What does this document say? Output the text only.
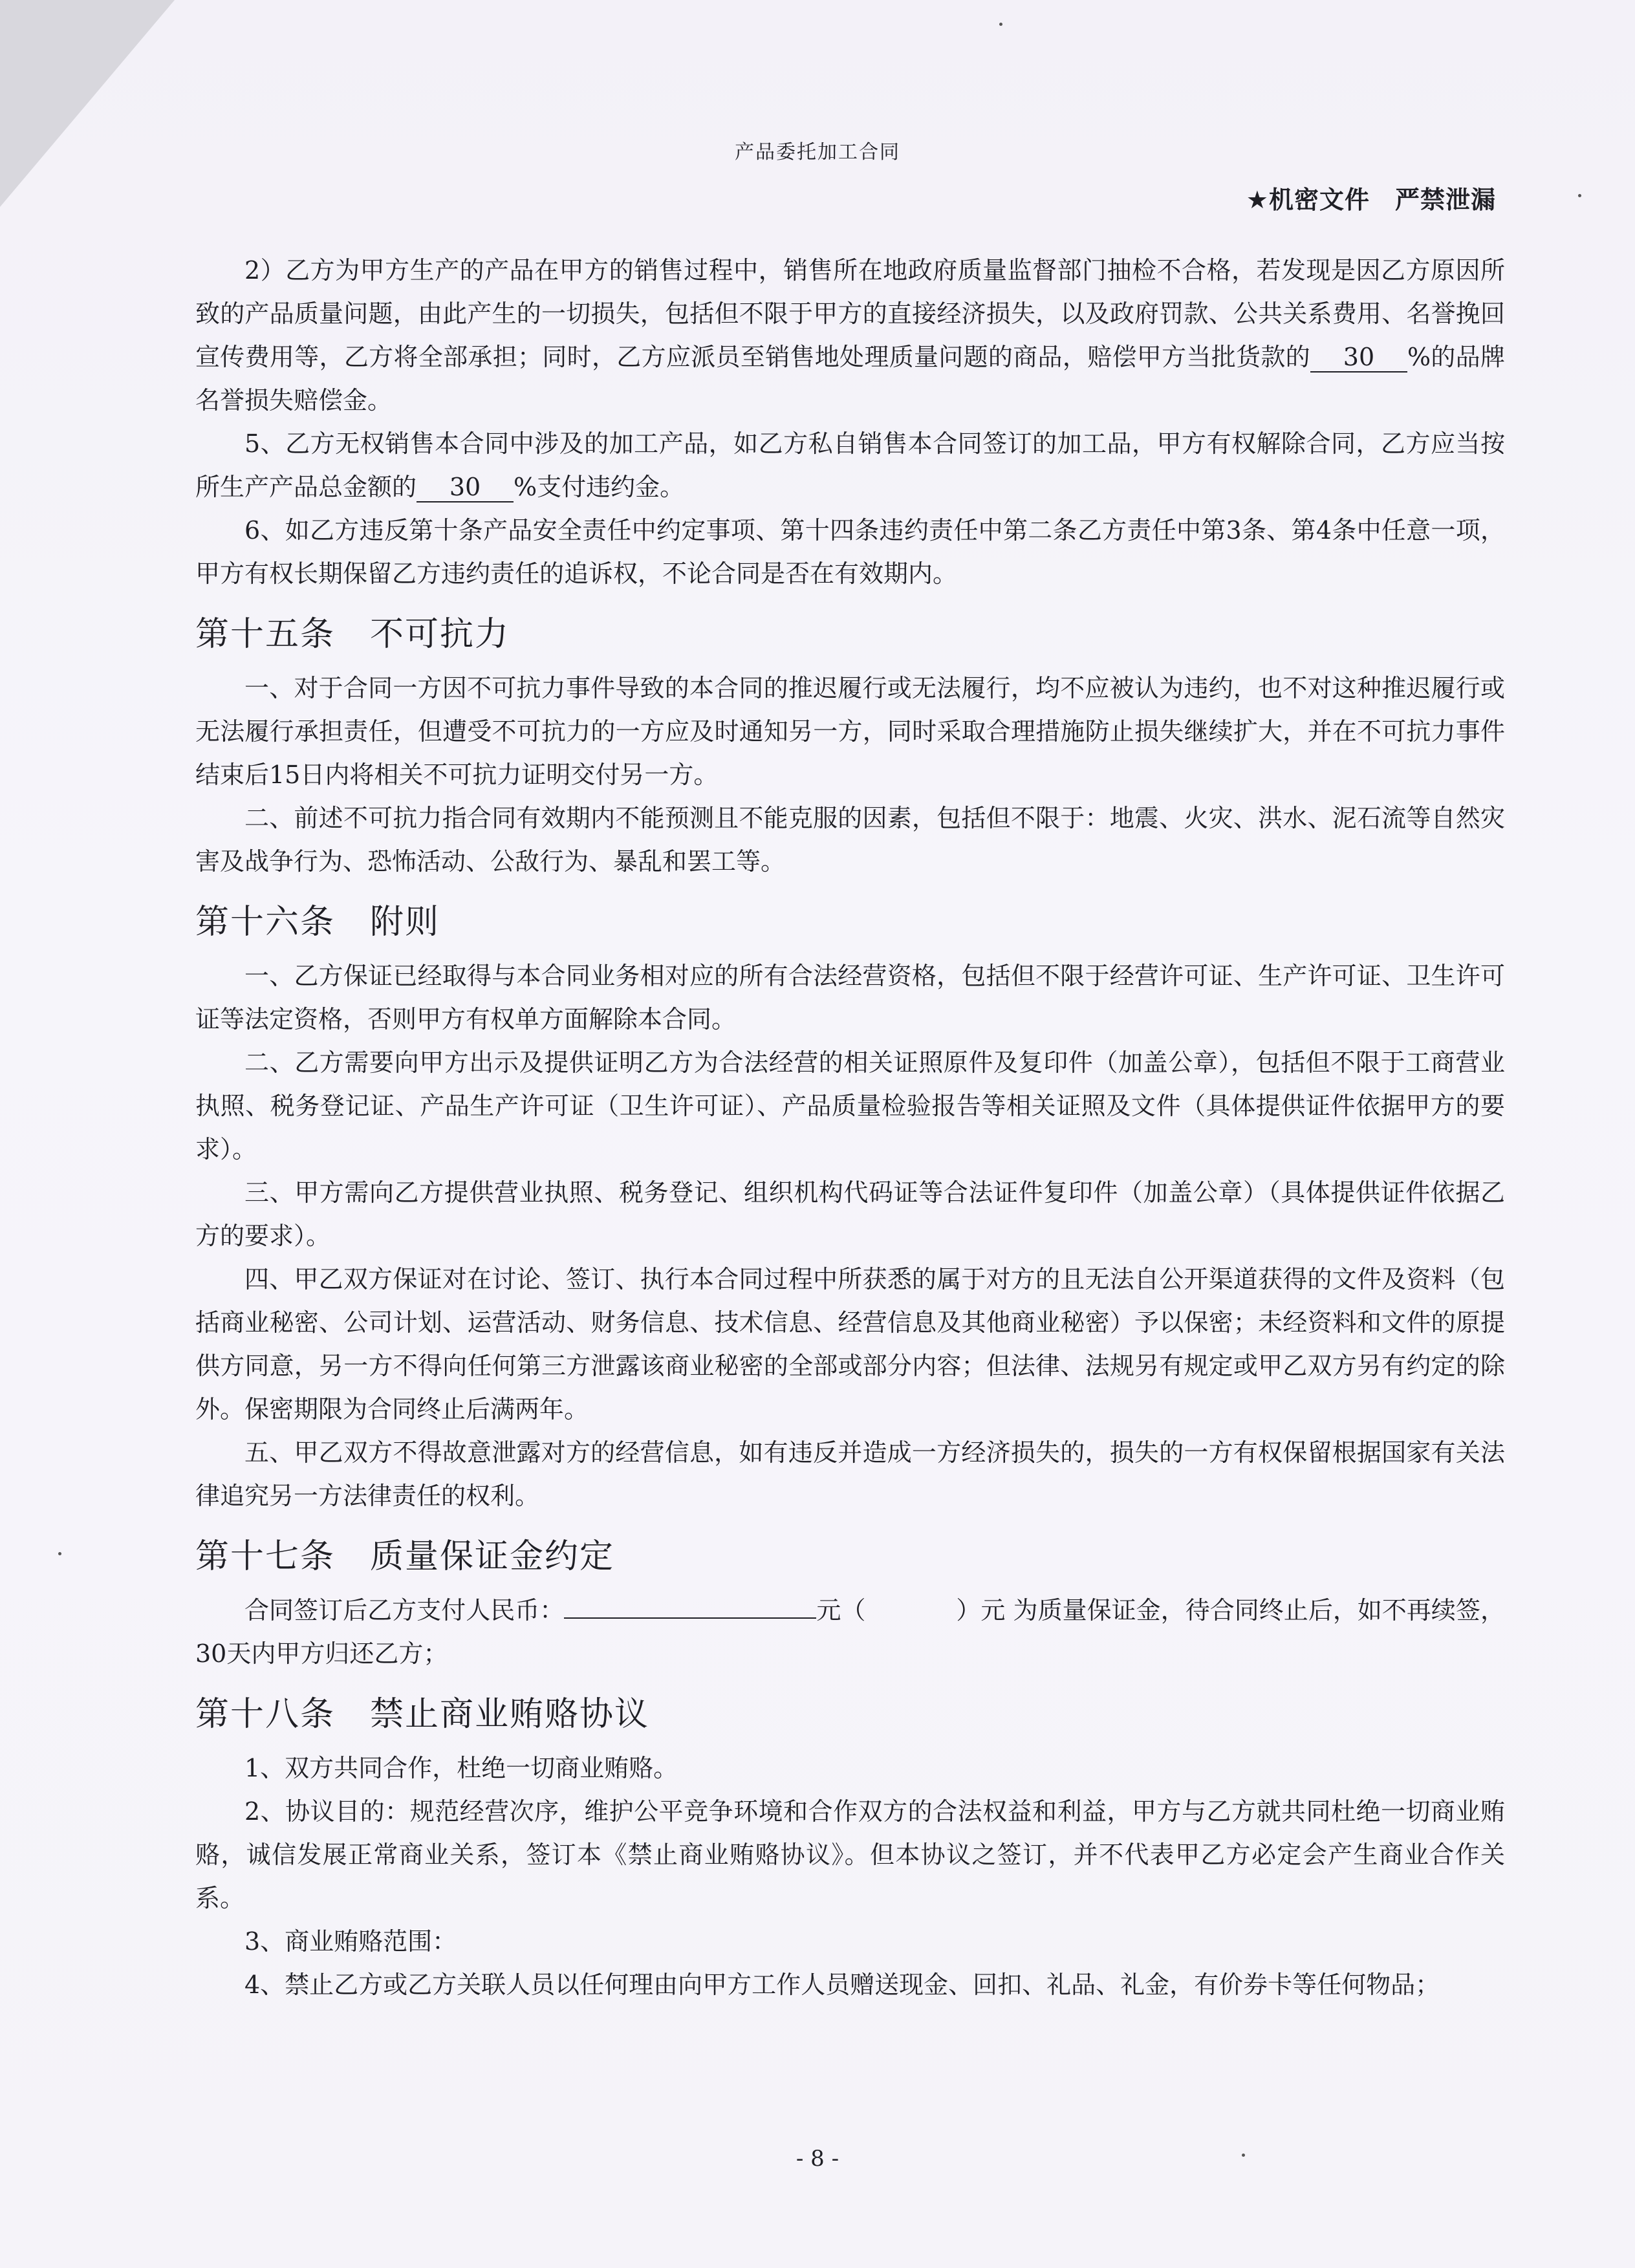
产品委托加工合同
★机密文件　严禁泄漏

2）乙方为甲方生产的产品在甲方的销售过程中，销售所在地政府质量监督部门抽检不合格，若发现是因乙方原因所致的产品质量问题，由此产生的一切损失，包括但不限于甲方的直接经济损失，以及政府罚款、公共关系费用、名誉挽回宣传费用等，乙方将全部承担；同时，乙方应派员至销售地处理质量问题的商品，赔偿甲方当批货款的 30 %的品牌名誉损失赔偿金。

5、乙方无权销售本合同中涉及的加工产品，如乙方私自销售本合同签订的加工品，甲方有权解除合同，乙方应当按所生产产品总金额的 30 %支付违约金。

6、如乙方违反第十条产品安全责任中约定事项、第十四条违约责任中第二条乙方责任中第3条、第4条中任意一项，甲方有权长期保留乙方违约责任的追诉权，不论合同是否在有效期内。

第十五条　不可抗力

一、对于合同一方因不可抗力事件导致的本合同的推迟履行或无法履行，均不应被认为违约，也不对这种推迟履行或无法履行承担责任，但遭受不可抗力的一方应及时通知另一方，同时采取合理措施防止损失继续扩大，并在不可抗力事件结束后15日内将相关不可抗力证明交付另一方。

二、前述不可抗力指合同有效期内不能预测且不能克服的因素，包括但不限于：地震、火灾、洪水、泥石流等自然灾害及战争行为、恐怖活动、公敌行为、暴乱和罢工等。

第十六条　附则

一、乙方保证已经取得与本合同业务相对应的所有合法经营资格，包括但不限于经营许可证、生产许可证、卫生许可证等法定资格，否则甲方有权单方面解除本合同。

二、乙方需要向甲方出示及提供证明乙方为合法经营的相关证照原件及复印件（加盖公章），包括但不限于工商营业执照、税务登记证、产品生产许可证（卫生许可证）、产品质量检验报告等相关证照及文件（具体提供证件依据甲方的要求）。

三、甲方需向乙方提供营业执照、税务登记、组织机构代码证等合法证件复印件（加盖公章）（具体提供证件依据乙方的要求）。

四、甲乙双方保证对在讨论、签订、执行本合同过程中所获悉的属于对方的且无法自公开渠道获得的文件及资料（包括商业秘密、公司计划、运营活动、财务信息、技术信息、经营信息及其他商业秘密）予以保密；未经资料和文件的原提供方同意，另一方不得向任何第三方泄露该商业秘密的全部或部分内容；但法律、法规另有规定或甲乙双方另有约定的除外。保密期限为合同终止后满两年。

五、甲乙双方不得故意泄露对方的经营信息，如有违反并造成一方经济损失的，损失的一方有权保留根据国家有关法律追究另一方法律责任的权利。

第十七条　质量保证金约定

合同签订后乙方支付人民币：	元（	）元 为质量保证金，待合同终止后，如不再续签，30天内甲方归还乙方；

第十八条　禁止商业贿赂协议

1、双方共同合作，杜绝一切商业贿赂。

2、协议目的：规范经营次序，维护公平竞争环境和合作双方的合法权益和利益，甲方与乙方就共同杜绝一切商业贿赂，诚信发展正常商业关系，签订本《禁止商业贿赂协议》。但本协议之签订，并不代表甲乙方必定会产生商业合作关系。

3、商业贿赂范围：

4、禁止乙方或乙方关联人员以任何理由向甲方工作人员赠送现金、回扣、礼品、礼金，有价券卡等任何物品；

- 8 -
